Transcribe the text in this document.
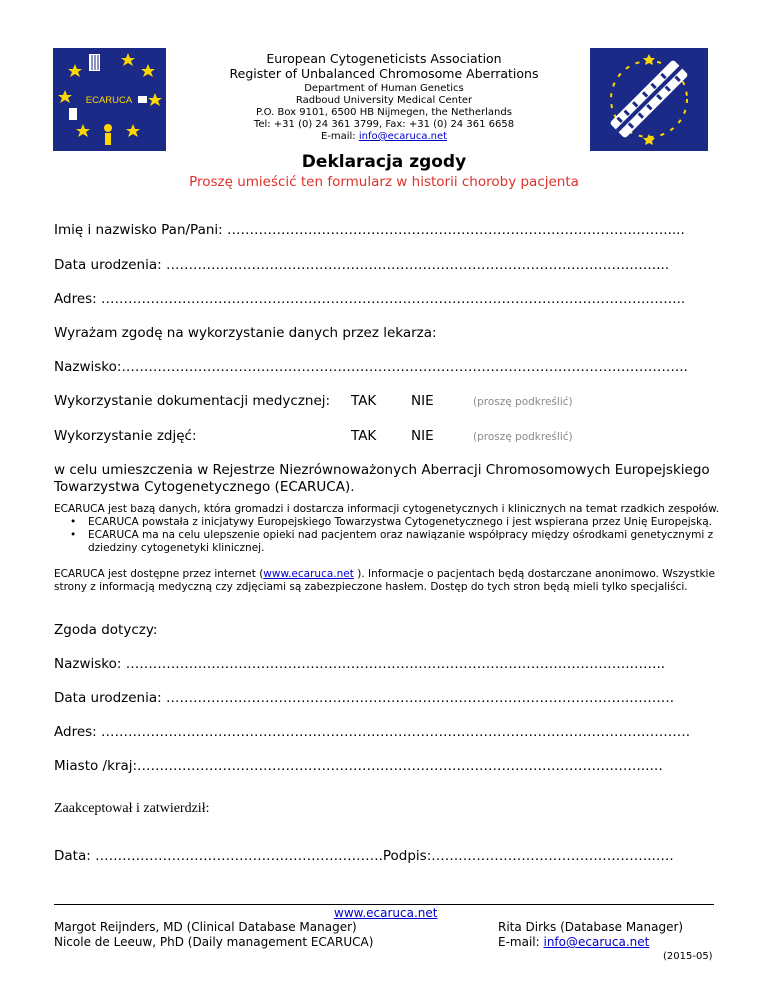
ECARUCA
European Cytogeneticists Association
Register of Unbalanced Chromosome Aberrations
Department of Human Genetics
Radboud University Medical Center
P.O. Box 9101, 6500 HB Nijmegen, the Netherlands
Tel: +31 (0) 24 361 3799, Fax: +31 (0) 24 361 6658
E-mail: info@ecaruca.net
Deklaracja zgody
Proszę umieścić ten formularz w historii choroby pacjenta
Imię i nazwisko Pan/Pani: ……………………………………………………………………………….…….....
Data urodzenia: ………………………………………………………………………………………….……...
Adres: ………………………………………………………………………………………………………….……...
Wyrażam zgodę na wykorzystanie danych przez lekarza:
Nazwisko:……………………………………………………………………………………………………………...
Wykorzystanie dokumentacji medycznej: TAK	NIE	(proszę podkreślić)
Wykorzystanie zdjęć:	TAK	NIE	(proszę podkreślić)
w celu umieszczenia w Rejestrze Niezrównoważonych Aberracji Chromosomowych Europejskiego
Towarzystwa Cytogenetycznego (ECARUCA).
ECARUCA jest bazą danych, która gromadzi i dostarcza informacji cytogenetycznych i klinicznych na temat rzadkich zespołów.
• ECARUCA powstała z inicjatywy Europejskiego Towarzystwa Cytogenetycznego i jest wspierana przez Unię Europejską.
• ECARUCA ma na celu ulepszenie opieki nad pacjentem oraz nawiązanie współpracy między ośrodkami genetycznymi z
dziedziny cytogenetyki klinicznej.
ECARUCA jest dostępne przez internet (www.ecaruca.net ). Informacje o pacjentach będą dostarczane anonimowo. Wszystkie
strony z informacją medyczną czy zdjęciami są zabezpieczone hasłem. Dostęp do tych stron będą mieli tylko specjaliści.
Zgoda dotyczy:
Nazwisko: ………………………………………………………………………………………………….……..
Data urodzenia: ………………………………………………………………………………………….……….
Adres: ………………………………………………………………………………………………………….……….
Miasto /kraj:…………………………………………………………………………………………….……..…
Zaakceptował i zatwierdził:
Data: ……………………………………………………….Podpis:…………………………………………..….
www.ecaruca.net
Margot Reijnders, MD (Clinical Database Manager)
Nicole de Leeuw, PhD (Daily management ECARUCA)
Rita Dirks (Database Manager)
E-mail: info@ecaruca.net
(2015-05)
